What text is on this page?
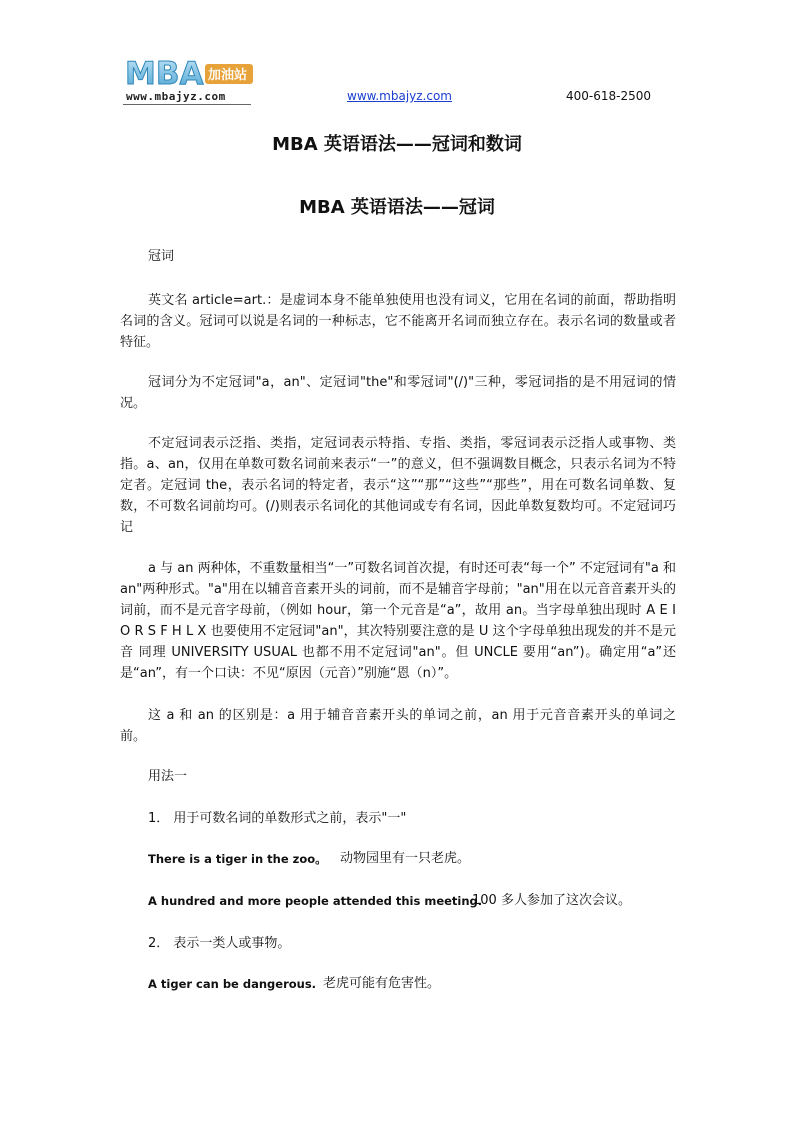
MBA 加油站
www.mbajyz.com	www.mbajyz.com	400-618-2500
MBA 英语语法——冠词和数词
MBA 英语语法——冠词
冠词
英文名 article=art.：是虚词本身不能单独使用也没有词义，它用在名词的前面，帮助指明名词的含义。冠词可以说是名词的一种标志，它不能离开名词而独立存在。表示名词的数量或者特征。
冠词分为不定冠词"a，an"、定冠词"the"和零冠词"(/)"三种，零冠词指的是不用冠词的情况。
不定冠词表示泛指、类指，定冠词表示特指、专指、类指，零冠词表示泛指人或事物、类指。a、an，仅用在单数可数名词前来表示“一”的意义，但不强调数目概念，只表示名词为不特定者。定冠词 the，表示名词的特定者，表示“这”“那”“这些”“那些”，用在可数名词单数、复数，不可数名词前均可。(/)则表示名词化的其他词或专有名词，因此单数复数均可。不定冠词巧记
a 与 an 两种体，不重数量相当“一”可数名词首次提，有时还可表“每一个” 不定冠词有"a 和 an"两种形式。"a"用在以辅音音素开头的词前，而不是辅音字母前；"an"用在以元音音素开头的词前，而不是元音字母前，（例如 hour，第一个元音是“a”，故用 an。当字母单独出现时 A E I O R S F H L X 也要使用不定冠词"an"，其次特别要注意的是 U 这个字母单独出现发的并不是元音 同理 UNIVERSITY USUAL 也都不用不定冠词"an"。但 UNCLE 要用“an”)。确定用“a”还是“an”，有一个口诀：不见“原因（元音）”别施“恩（n）”。
这 a 和 an 的区别是：a 用于辅音音素开头的单词之前，an 用于元音音素开头的单词之前。
用法一
1． 用于可数名词的单数形式之前，表示"一"
There is a tiger in the zoo。 动物园里有一只老虎。
A hundred and more people attended this meeting.
100 多人参加了这次会议。
2． 表示一类人或事物。
A tiger can be dangerous. 老虎可能有危害性。
